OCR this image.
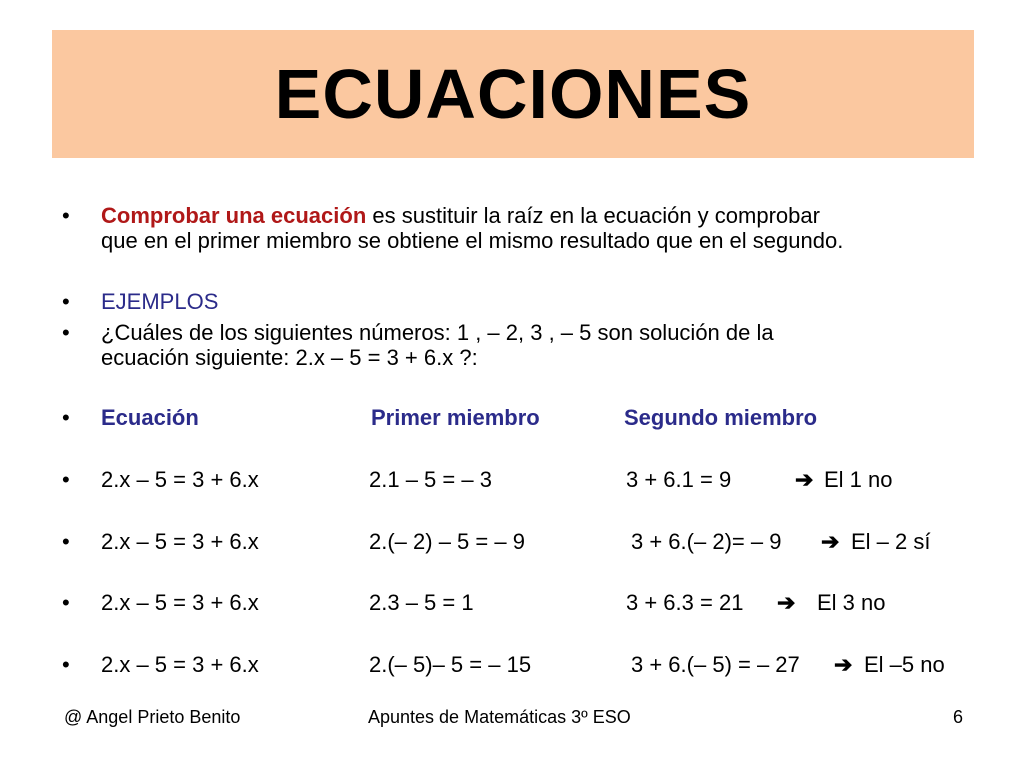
ECUACIONES
• Comprobar una ecuación es sustituir la raíz en la ecuación y comprobar
que en el primer miembro se obtiene el mismo resultado que en el segundo.
• EJEMPLOS
• ¿Cuáles de los siguientes números: 1 , – 2, 3 , – 5 son solución de la
ecuación siguiente: 2.x – 5 = 3 + 6.x ?:
• Ecuación	Primer miembro	Segundo miembro
• 2.x – 5 = 3 + 6.x	2.1 – 5 = – 3	3 + 6.1 = 9	➔ El 1 no
• 2.x – 5 = 3 + 6.x	2.(– 2) – 5 = – 9	3 + 6.(– 2)= – 9 ➔ El – 2 sí
• 2.x – 5 = 3 + 6.x	2.3 – 5 = 1	3 + 6.3 = 21 ➔ El 3 no
• 2.x – 5 = 3 + 6.x	2.(– 5)– 5 = – 15	3 + 6.(– 5) = – 27 ➔ El –5 no
@ Angel Prieto Benito	Apuntes de Matemáticas 3º ESO	6
